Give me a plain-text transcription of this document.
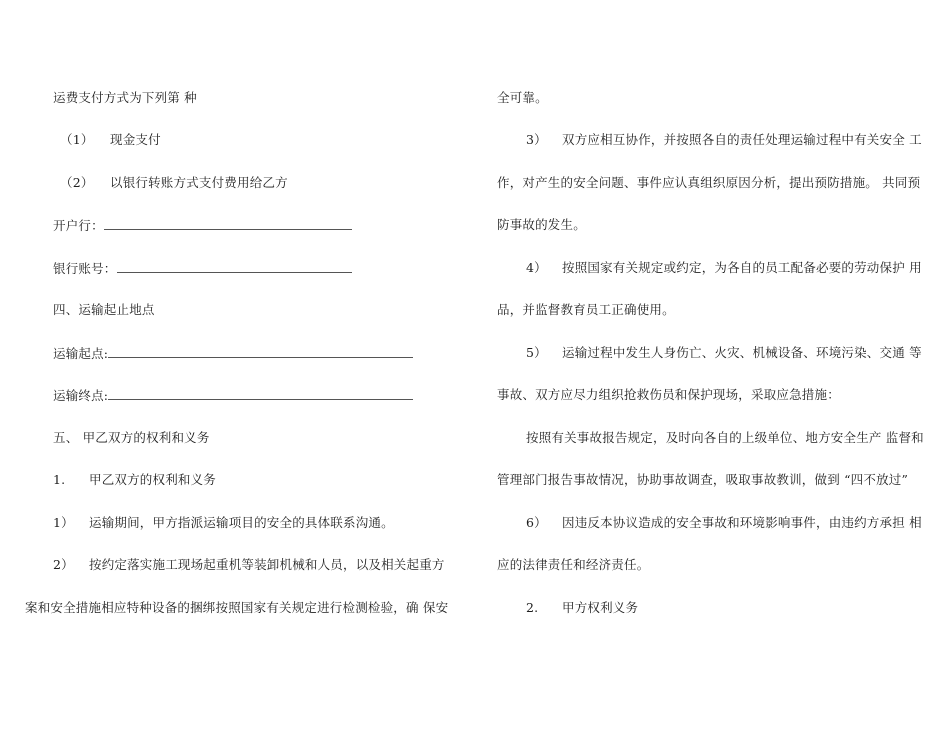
运费支付方式为下列第 种
（1） 现金支付
（2） 以银行转账方式支付费用给乙方
开户行：
银行账号：
四、运输起止地点
运输起点:
运输终点:
五、 甲乙双方的权利和义务
1. 甲乙双方的权利和义务
1） 运输期间，甲方指派运输项目的安全的具体联系沟通。
2） 按约定落实施工现场起重机等装卸机械和人员，以及相关起重方
案和安全措施相应特种设备的捆绑按照国家有关规定进行检测检验，确 保安
全可靠。
3） 双方应相互协作，并按照各自的责任处理运输过程中有关安全 工
作，对产生的安全问题、事件应认真组织原因分析，提出预防措施。 共同预
防事故的发生。
4） 按照国家有关规定或约定，为各自的员工配备必要的劳动保护 用
品，并监督教育员工正确使用。
5） 运输过程中发生人身伤亡、火灾、机械设备、环境污染、交通 等
事故、双方应尽力组织抢救伤员和保护现场，采取应急措施：
按照有关事故报告规定，及时向各自的上级单位、地方安全生产 监督和
管理部门报告事故情况，协助事故调查，吸取事故教训，做到 “四不放过”
6） 因违反本协议造成的安全事故和环境影响事件，由违约方承担 相
应的法律责任和经济责任。
2. 甲方权利义务
